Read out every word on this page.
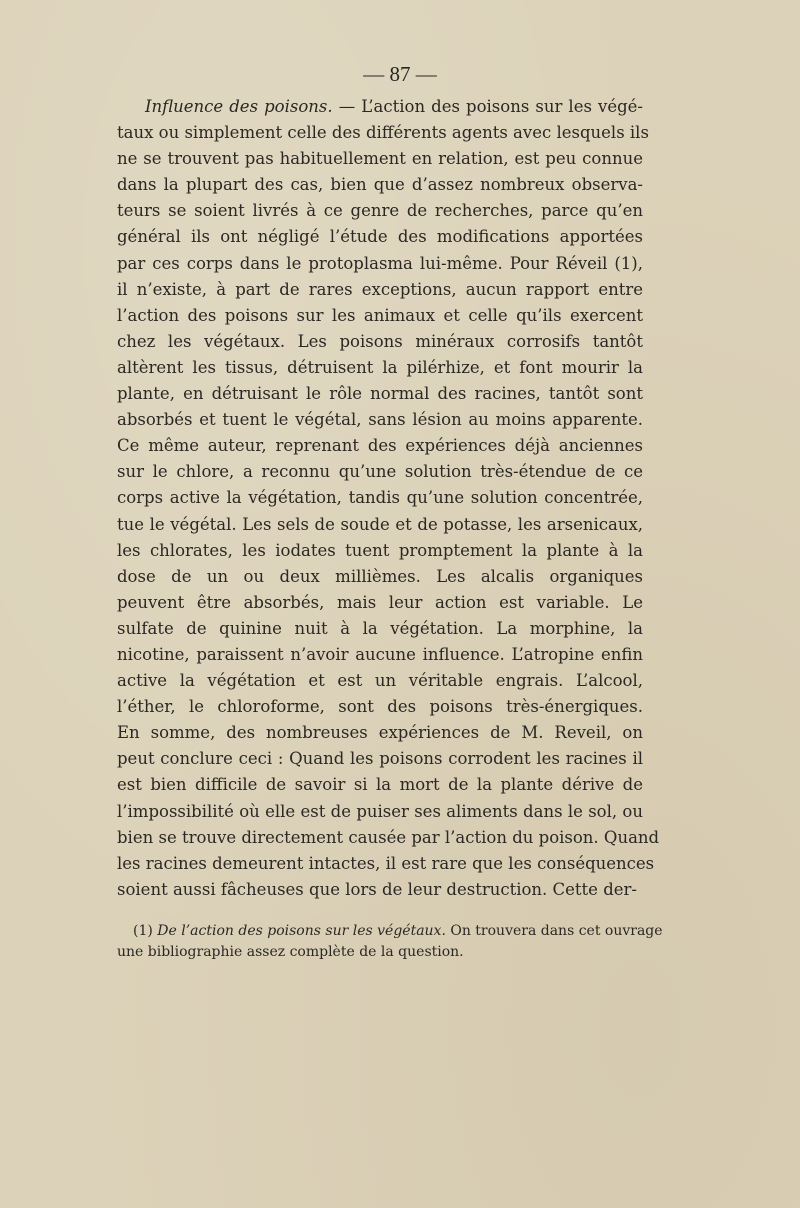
— 87 —
Influence des poisons. — L’action des poisons sur les végé-
taux ou simplement celle des différents agents avec lesquels ils
ne se trouvent pas habituellement en relation, est peu connue
dans la plupart des cas, bien que d’assez nombreux observa-
teurs se soient livrés à ce genre de recherches, parce qu’en
général ils ont négligé l’étude des modifications apportées
par ces corps dans le protoplasma lui-même. Pour Réveil (1),
il n’existe, à part de rares exceptions, aucun rapport entre
l’action des poisons sur les animaux et celle qu’ils exercent
chez les végétaux. Les poisons minéraux corrosifs tantôt
altèrent les tissus, détruisent la pilérhize, et font mourir la
plante, en détruisant le rôle normal des racines, tantôt sont
absorbés et tuent le végétal, sans lésion au moins apparente.
Ce même auteur, reprenant des expériences déjà anciennes
sur le chlore, a reconnu qu’une solution très-étendue de ce
corps active la végétation, tandis qu’une solution concentrée,
tue le végétal. Les sels de soude et de potasse, les arsenicaux,
les chlorates, les iodates tuent promptement la plante à la
dose de un ou deux millièmes. Les alcalis organiques
peuvent être absorbés, mais leur action est variable. Le
sulfate de quinine nuit à la végétation. La morphine, la
nicotine, paraissent n’avoir aucune influence. L’atropine enfin
active la végétation et est un véritable engrais. L’alcool,
l’éther, le chloroforme, sont des poisons très-énergiques.
En somme, des nombreuses expériences de M. Reveil, on
peut conclure ceci : Quand les poisons corrodent les racines il
est bien difficile de savoir si la mort de la plante dérive de
l’impossibilité où elle est de puiser ses aliments dans le sol, ou
bien se trouve directement causée par l’action du poison. Quand
les racines demeurent intactes, il est rare que les conséquences
soient aussi fâcheuses que lors de leur destruction. Cette der-
(1) De l’action des poisons sur les végétaux. On trouvera dans cet ouvrage
une bibliographie assez complète de la question.
